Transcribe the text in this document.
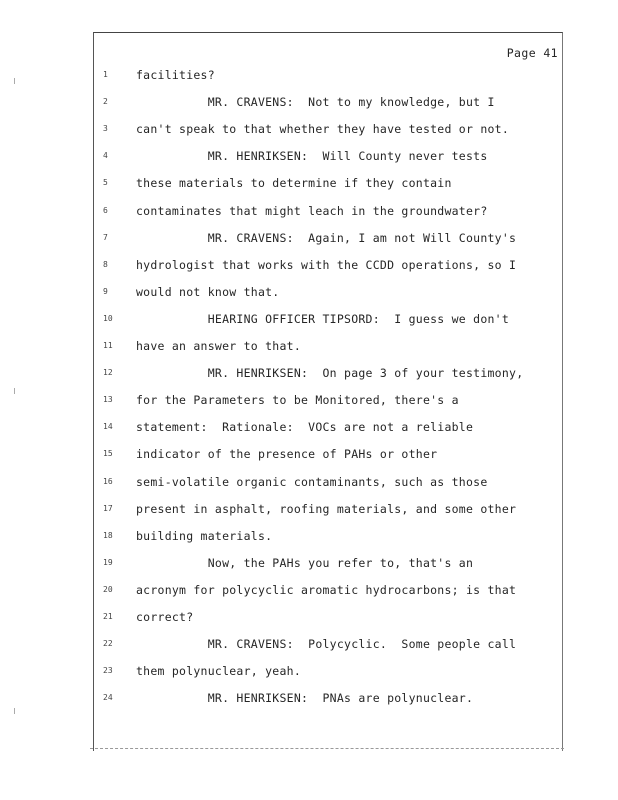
Page 41
1	facilities?
2	MR. CRAVENS:  Not to my knowledge, but I
3	can't speak to that whether they have tested or not.
4	MR. HENRIKSEN:  Will County never tests
5	these materials to determine if they contain
6	contaminates that might leach in the groundwater?
7	MR. CRAVENS:  Again, I am not Will County's
8	hydrologist that works with the CCDD operations, so I
9	would not know that.
10	HEARING OFFICER TIPSORD:  I guess we don't
11	have an answer to that.
12	MR. HENRIKSEN:  On page 3 of your testimony,
13	for the Parameters to be Monitored, there's a
14	statement:  Rationale:  VOCs are not a reliable
15	indicator of the presence of PAHs or other
16	semi-volatile organic contaminants, such as those
17	present in asphalt, roofing materials, and some other
18	building materials.
19	Now, the PAHs you refer to, that's an
20	acronym for polycyclic aromatic hydrocarbons; is that
21	correct?
22	MR. CRAVENS:  Polycyclic.  Some people call
23	them polynuclear, yeah.
24	MR. HENRIKSEN:  PNAs are polynuclear.
